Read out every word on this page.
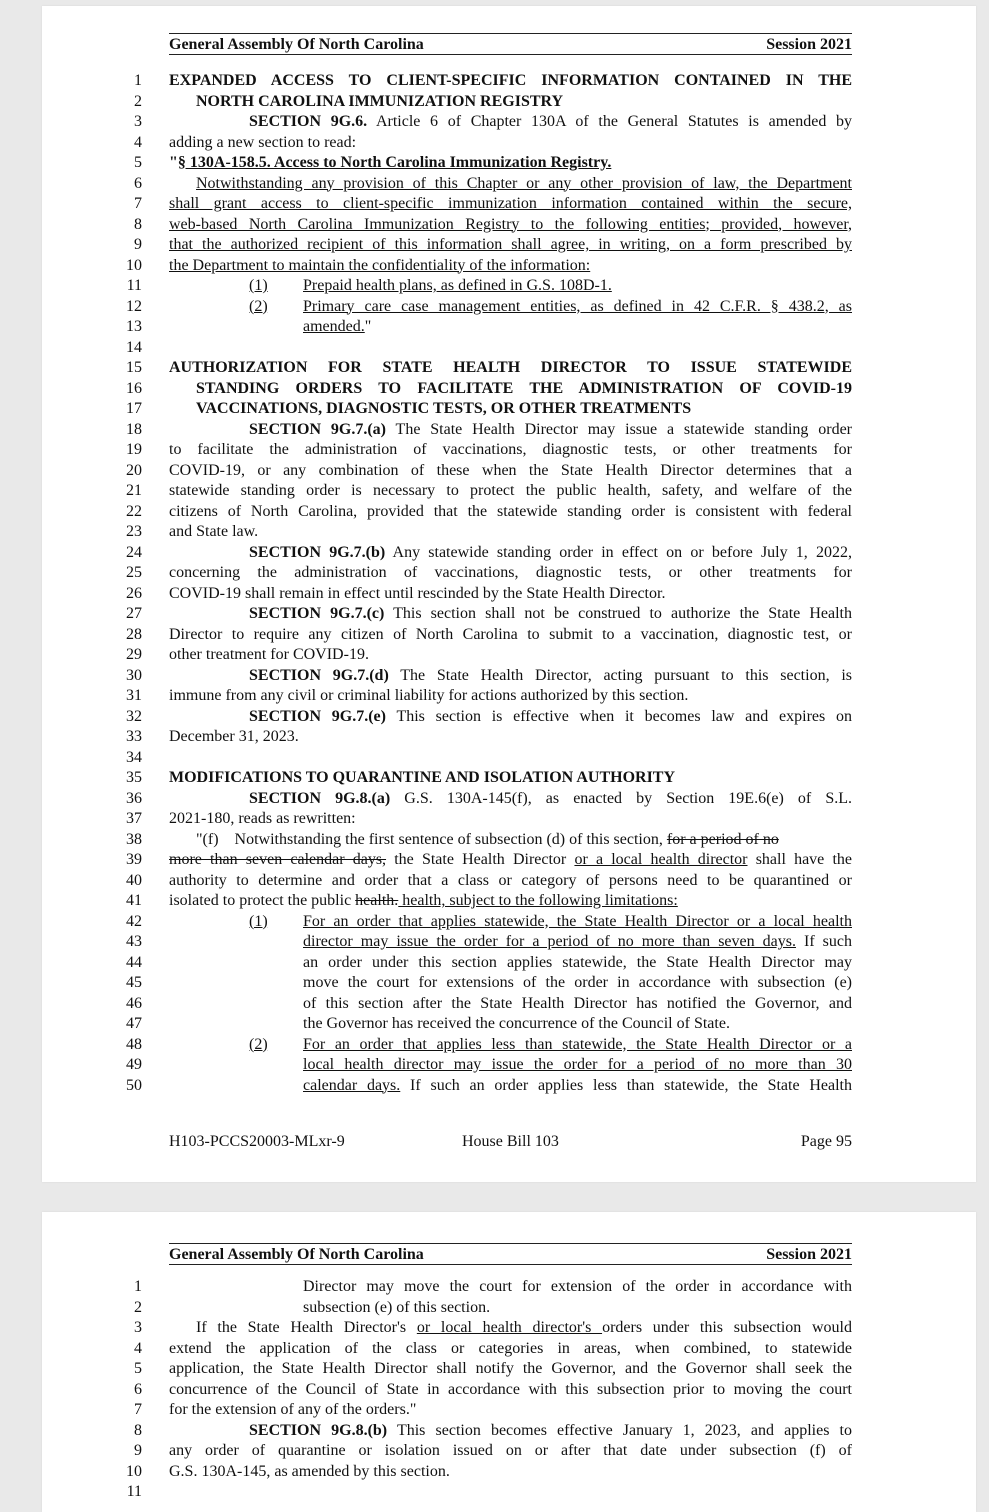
General Assembly Of North Carolina	Session 2021
1 EXPANDED ACCESS TO CLIENT-SPECIFIC INFORMATION CONTAINED IN THE
2	NORTH CAROLINA IMMUNIZATION REGISTRY
3	SECTION 9G.6. Article 6 of Chapter 130A of the General Statutes is amended by
4 adding a new section to read:
5 "§ 130A-158.5. Access to North Carolina Immunization Registry.
6	Notwithstanding any provision of this Chapter or any other provision of law, the Department
7 shall grant access to client-specific immunization information contained within the secure,
8 web-based North Carolina Immunization Registry to the following entities; provided, however,
9 that the authorized recipient of this information shall agree, in writing, on a form prescribed by
10 the Department to maintain the confidentiality of the information:
11	(1) Prepaid health plans, as defined in G.S. 108D-1.
12	(2) Primary care case management entities, as defined in 42 C.F.R. § 438.2, as
13	amended."
14
15 AUTHORIZATION FOR STATE HEALTH DIRECTOR TO ISSUE STATEWIDE
16	STANDING ORDERS TO FACILITATE THE ADMINISTRATION OF COVID-19
17	VACCINATIONS, DIAGNOSTIC TESTS, OR OTHER TREATMENTS
18	SECTION 9G.7.(a) The State Health Director may issue a statewide standing order
19 to facilitate the administration of vaccinations, diagnostic tests, or other treatments for
20 COVID-19, or any combination of these when the State Health Director determines that a
21 statewide standing order is necessary to protect the public health, safety, and welfare of the
22 citizens of North Carolina, provided that the statewide standing order is consistent with federal
23 and State law.
24	SECTION 9G.7.(b) Any statewide standing order in effect on or before July 1, 2022,
25 concerning the administration of vaccinations, diagnostic tests, or other treatments for
26 COVID-19 shall remain in effect until rescinded by the State Health Director.
27	SECTION 9G.7.(c) This section shall not be construed to authorize the State Health
28 Director to require any citizen of North Carolina to submit to a vaccination, diagnostic test, or
29 other treatment for COVID-19.
30	SECTION 9G.7.(d) The State Health Director, acting pursuant to this section, is
31 immune from any civil or criminal liability for actions authorized by this section.
32	SECTION 9G.7.(e) This section is effective when it becomes law and expires on
33 December 31, 2023.
34
35 MODIFICATIONS TO QUARANTINE AND ISOLATION AUTHORITY
36	SECTION 9G.8.(a) G.S. 130A-145(f), as enacted by Section 19E.6(e) of S.L.
37 2021-180, reads as rewritten:
38	"(f)    Notwithstanding the first sentence of subsection (d) of this section, for a period of no
39 more than seven calendar days, the State Health Director or a local health director shall have the
40 authority to determine and order that a class or category of persons need to be quarantined or
41 isolated to protect the public health. health, subject to the following limitations:
42	(1) For an order that applies statewide, the State Health Director or a local health
43	director may issue the order for a period of no more than seven days. If such
44	an order under this section applies statewide, the State Health Director may
45	move the court for extensions of the order in accordance with subsection (e)
46	of this section after the State Health Director has notified the Governor, and
47	the Governor has received the concurrence of the Council of State.
48	(2) For an order that applies less than statewide, the State Health Director or a
49	local health director may issue the order for a period of no more than 30
50	calendar days. If such an order applies less than statewide, the State Health
H103-PCCS20003-MLxr-9	House Bill 103	Page 95
General Assembly Of North Carolina	Session 2021
1	Director may move the court for extension of the order in accordance with
2	subsection (e) of this section.
3	If the State Health Director's or local health director's orders under this subsection would
4 extend the application of the class or categories in areas, when combined, to statewide
5 application, the State Health Director shall notify the Governor, and the Governor shall seek the
6 concurrence of the Council of State in accordance with this subsection prior to moving the court
7 for the extension of any of the orders."
8	SECTION 9G.8.(b) This section becomes effective January 1, 2023, and applies to
9 any order of quarantine or isolation issued on or after that date under subsection (f) of
10 G.S. 130A-145, as amended by this section.
11
